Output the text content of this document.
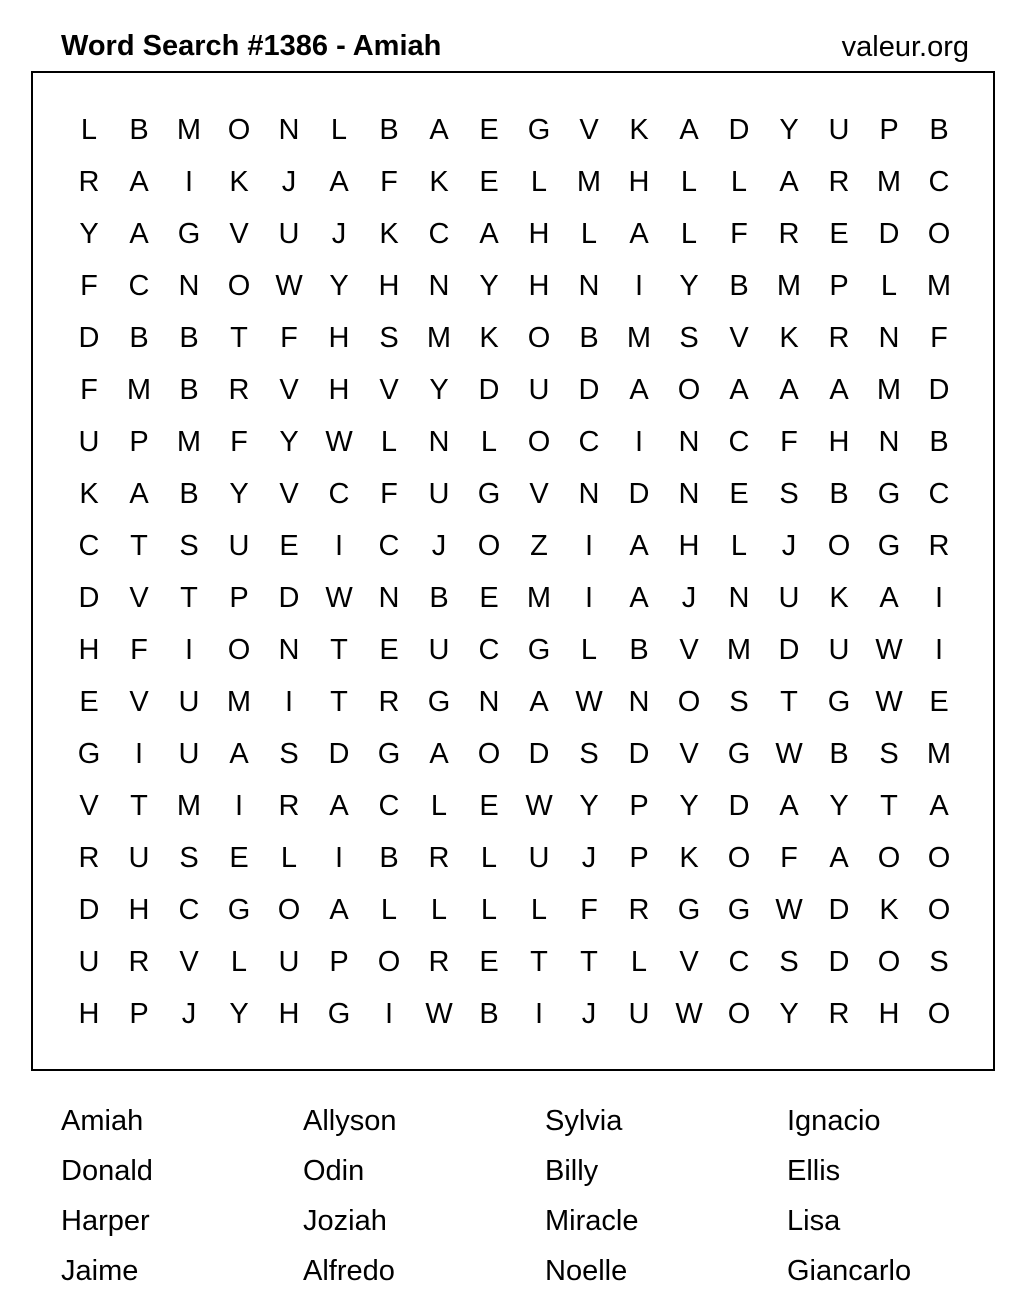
Word Search #1386 - Amiah	valeur.org
L	B M O N	L	B	A	E	G	V	K	A	D	Y	U	P	B
R	A	I	K	J	A	F	K	E	L	M H	L	L	A	R M C
Y	A	G	V	U	J	K	C	A	H	L	A	L	F	R	E	D O
F	C	N O W Y	H	N	Y	H	N	I	Y	B M P	L	M
D	B	B	T	F	H	S M K	O	B M S	V	K	R	N	F
F	M B	R	V	H	V	Y	D	U	D	A	O	A	A	A M D
U	P M	F	Y W L	N	L	O C	I	N	C	F	H	N	B
K	A	B	Y	V	C	F	U G	V	N	D	N	E	S	B	G C
C	T	S	U	E	I	C	J	O	Z	I	A	H	L	J	O G R
D	V	T	P	D W N	B	E M	I	A	J	N	U	K	A	I
H	F	I	O N	T	E	U	C G	L	B	V M D	U W	I
E	V	U M	I	T	R G N	A W N O	S	T	G W E
G	I	U	A	S	D G	A	O D	S	D	V	G W B	S M
V	T	M	I	R	A	C	L	E W Y	P	Y	D	A	Y	T	A
R	U	S	E	L	I	B	R	L	U	J	P	K	O	F	A	O O
D	H	C G O	A	L	L	L	L	F	R G G W D	K	O
U	R	V	L	U	P	O R	E	T	T	L	V	C	S	D O	S
H	P	J	Y	H G	I	W B	I	J	U W O	Y	R	H O
Amiah	Allyson	Sylvia	Ignacio
Donald	Odin	Billy	Ellis
Harper	Joziah	Miracle	Lisa
Jaime	Alfredo	Noelle	Giancarlo
